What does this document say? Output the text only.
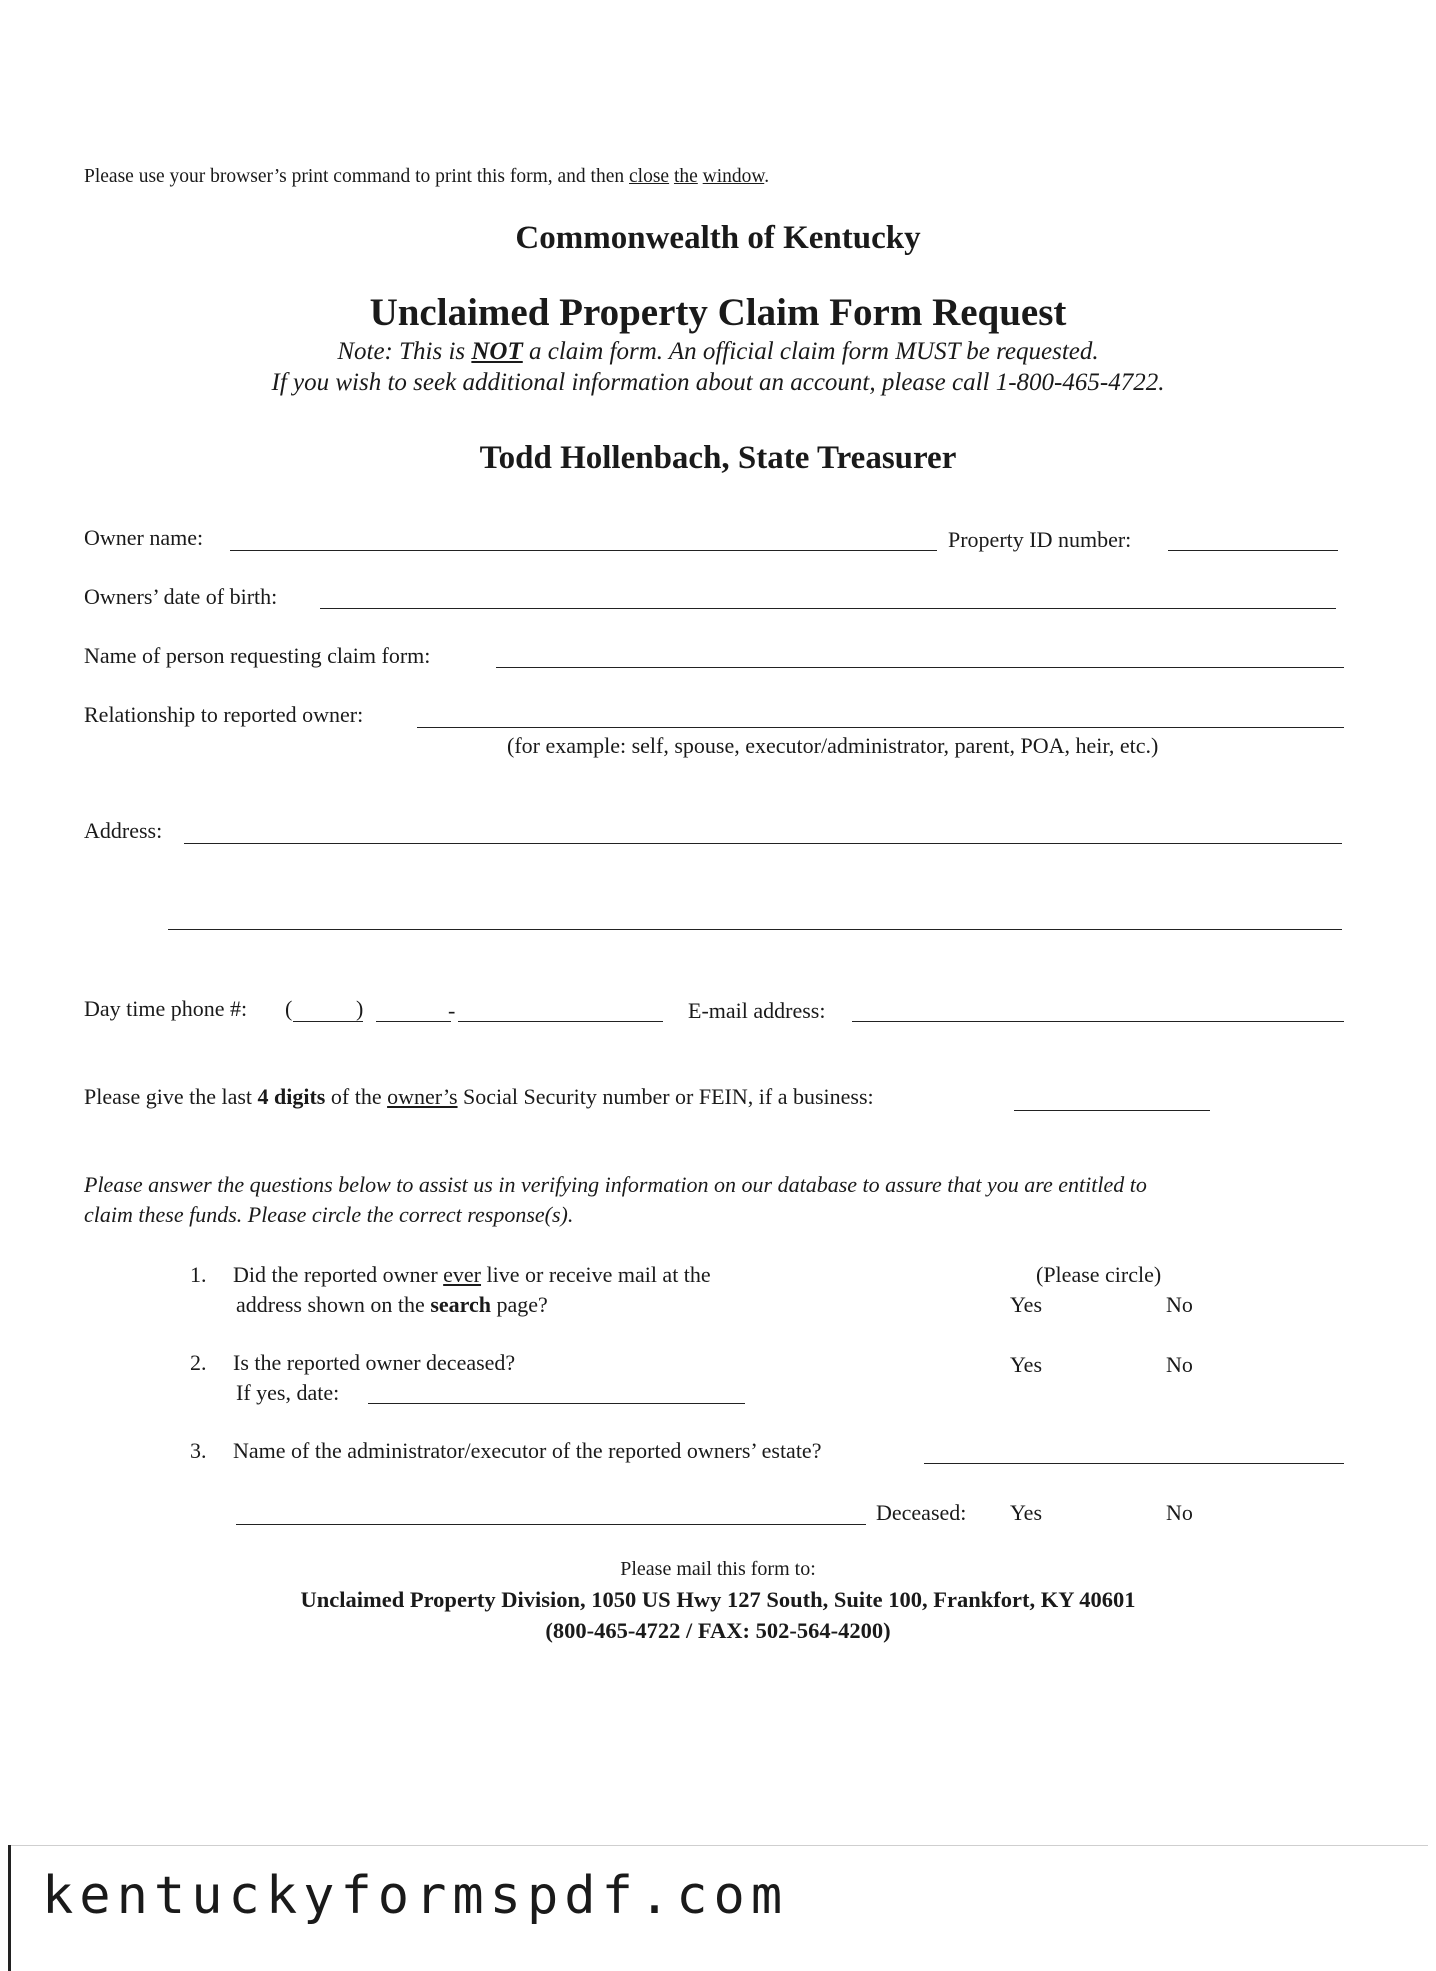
Please use your browser’s print command to print this form, and then close the window.
Commonwealth of Kentucky
Unclaimed Property Claim Form Request
Note: This is NOT a claim form. An official claim form MUST be requested.
If you wish to seek additional information about an account, please call 1-800-465-4722.
Todd Hollenbach, State Treasurer
Owner name:	Property ID number:
Owners’ date of birth:
Name of person requesting claim form:
Relationship to reported owner:
(for example: self, spouse, executor/administrator, parent, POA, heir, etc.)
Address:
Day time phone #: (	)	-	E-mail address:
Please give the last 4 digits of the owner’s Social Security number or FEIN, if a business:
Please answer the questions below to assist us in verifying information on our database to assure that you are entitled to
claim these funds. Please circle the correct response(s).
(Please circle)
1. Did the reported owner ever live or receive mail at the
address shown on the search page?	Yes	No
2. Is the reported owner deceased?	Yes	No
If yes, date:
3. Name of the administrator/executor of the reported owners’ estate?
Deceased: Yes	No
Please mail this form to:
Unclaimed Property Division, 1050 US Hwy 127 South, Suite 100, Frankfort, KY 40601
(800-465-4722 / FAX: 502-564-4200)
kentuckyformspdf.com
